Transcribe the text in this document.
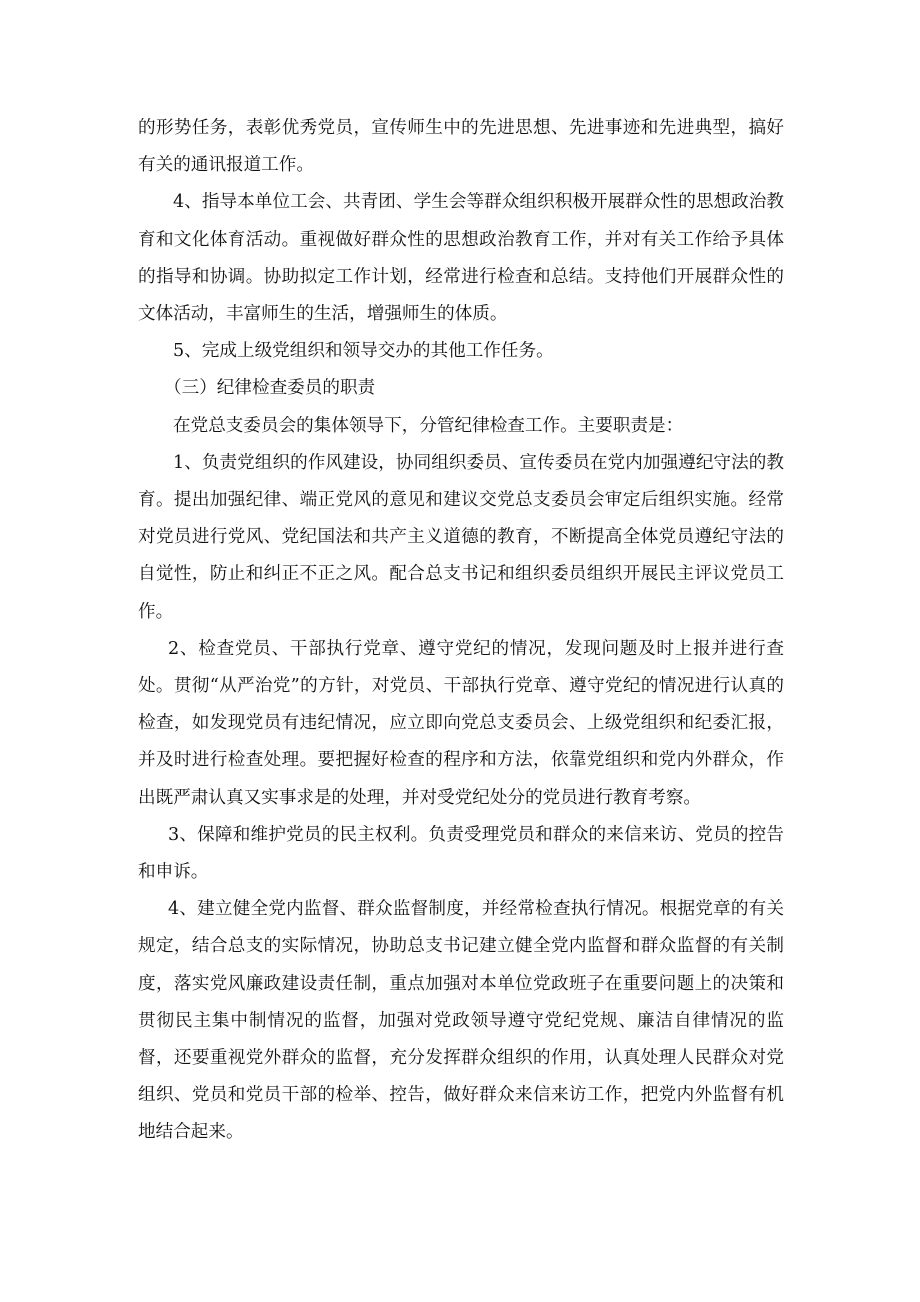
的形势任务，表彰优秀党员，宣传师生中的先进思想、先进事迹和先进典型，搞好有关的通讯报道工作。

4、指导本单位工会、共青团、学生会等群众组织积极开展群众性的思想政治教育和文化体育活动。重视做好群众性的思想政治教育工作，并对有关工作给予具体的指导和协调。协助拟定工作计划，经常进行检查和总结。支持他们开展群众性的文体活动，丰富师生的生活，增强师生的体质。

5、完成上级党组织和领导交办的其他工作任务。

（三）纪律检查委员的职责

在党总支委员会的集体领导下，分管纪律检查工作。主要职责是：

1、负责党组织的作风建设，协同组织委员、宣传委员在党内加强遵纪守法的教育。提出加强纪律、端正党风的意见和建议交党总支委员会审定后组织实施。经常对党员进行党风、党纪国法和共产主义道德的教育，不断提高全体党员遵纪守法的自觉性，防止和纠正不正之风。配合总支书记和组织委员组织开展民主评议党员工作。

2、检查党员、干部执行党章、遵守党纪的情况，发现问题及时上报并进行查处。贯彻“从严治党”的方针，对党员、干部执行党章、遵守党纪的情况进行认真的检查，如发现党员有违纪情况，应立即向党总支委员会、上级党组织和纪委汇报，并及时进行检查处理。要把握好检查的程序和方法，依靠党组织和党内外群众，作出既严肃认真又实事求是的处理，并对受党纪处分的党员进行教育考察。

3、保障和维护党员的民主权利。负责受理党员和群众的来信来访、党员的控告和申诉。

4、建立健全党内监督、群众监督制度，并经常检查执行情况。根据党章的有关规定，结合总支的实际情况，协助总支书记建立健全党内监督和群众监督的有关制度，落实党风廉政建设责任制，重点加强对本单位党政班子在重要问题上的决策和贯彻民主集中制情况的监督，加强对党政领导遵守党纪党规、廉洁自律情况的监督，还要重视党外群众的监督，充分发挥群众组织的作用，认真处理人民群众对党组织、党员和党员干部的检举、控告，做好群众来信来访工作，把党内外监督有机地结合起来。
